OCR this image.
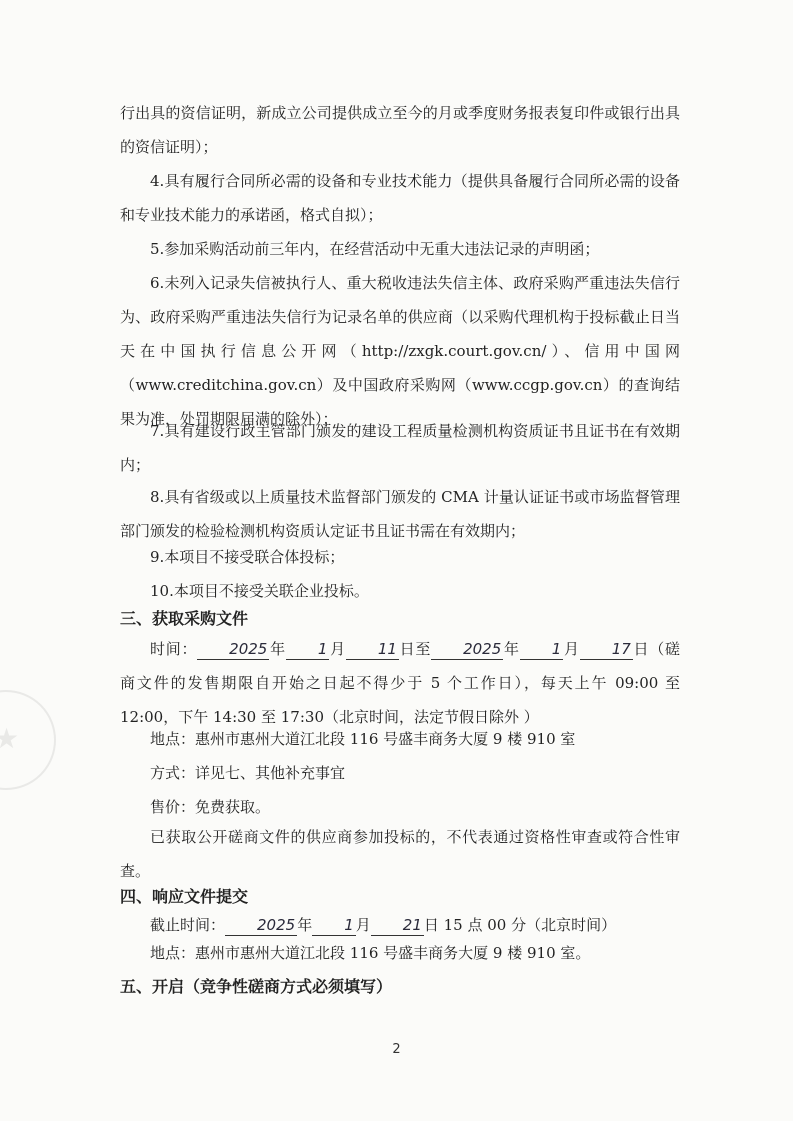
★

行出具的资信证明，新成立公司提供成立至今的月或季度财务报表复印件或银行出具的资信证明）；

4.具有履行合同所必需的设备和专业技术能力（提供具备履行合同所必需的设备和专业技术能力的承诺函，格式自拟）；

5.参加采购活动前三年内，在经营活动中无重大违法记录的声明函；

6.未列入记录失信被执行人、重大税收违法失信主体、政府采购严重违法失信行为、政府采购严重违法失信行为记录名单的供应商（以采购代理机构于投标截止日当天在中国执行信息公开网（http://zxgk.court.gov.cn/）、信用中国网（www.creditchina.gov.cn）及中国政府采购网（www.ccgp.gov.cn）的查询结果为准，处罚期限届满的除外）；

7.具有建设行政主管部门颁发的建设工程质量检测机构资质证书且证书在有效期内；

8.具有省级或以上质量技术监督部门颁发的 CMA 计量认证证书或市场监督管理部门颁发的检验检测机构资质认定证书且证书需在有效期内；

9.本项目不接受联合体投标；

10.本项目不接受关联企业投标。

三、获取采购文件

时间： 2025 年 1 月 11 日至 2025 年 1 月 17 日（磋商文件的发售期限自开始之日起不得少于 5 个工作日），每天上午 09:00 至 12:00，下午 14:30 至 17:30（北京时间，法定节假日除外 ）

地点：惠州市惠州大道江北段 116 号盛丰商务大厦 9 楼 910 室

方式：详见七、其他补充事宜

售价：免费获取。

已获取公开磋商文件的供应商参加投标的，不代表通过资格性审查或符合性审查。

四、响应文件提交

截止时间： 2025 年 1 月 21 日 15 点 00 分（北京时间）

地点：惠州市惠州大道江北段 116 号盛丰商务大厦 9 楼 910 室。

五、开启（竞争性磋商方式必须填写）
2
